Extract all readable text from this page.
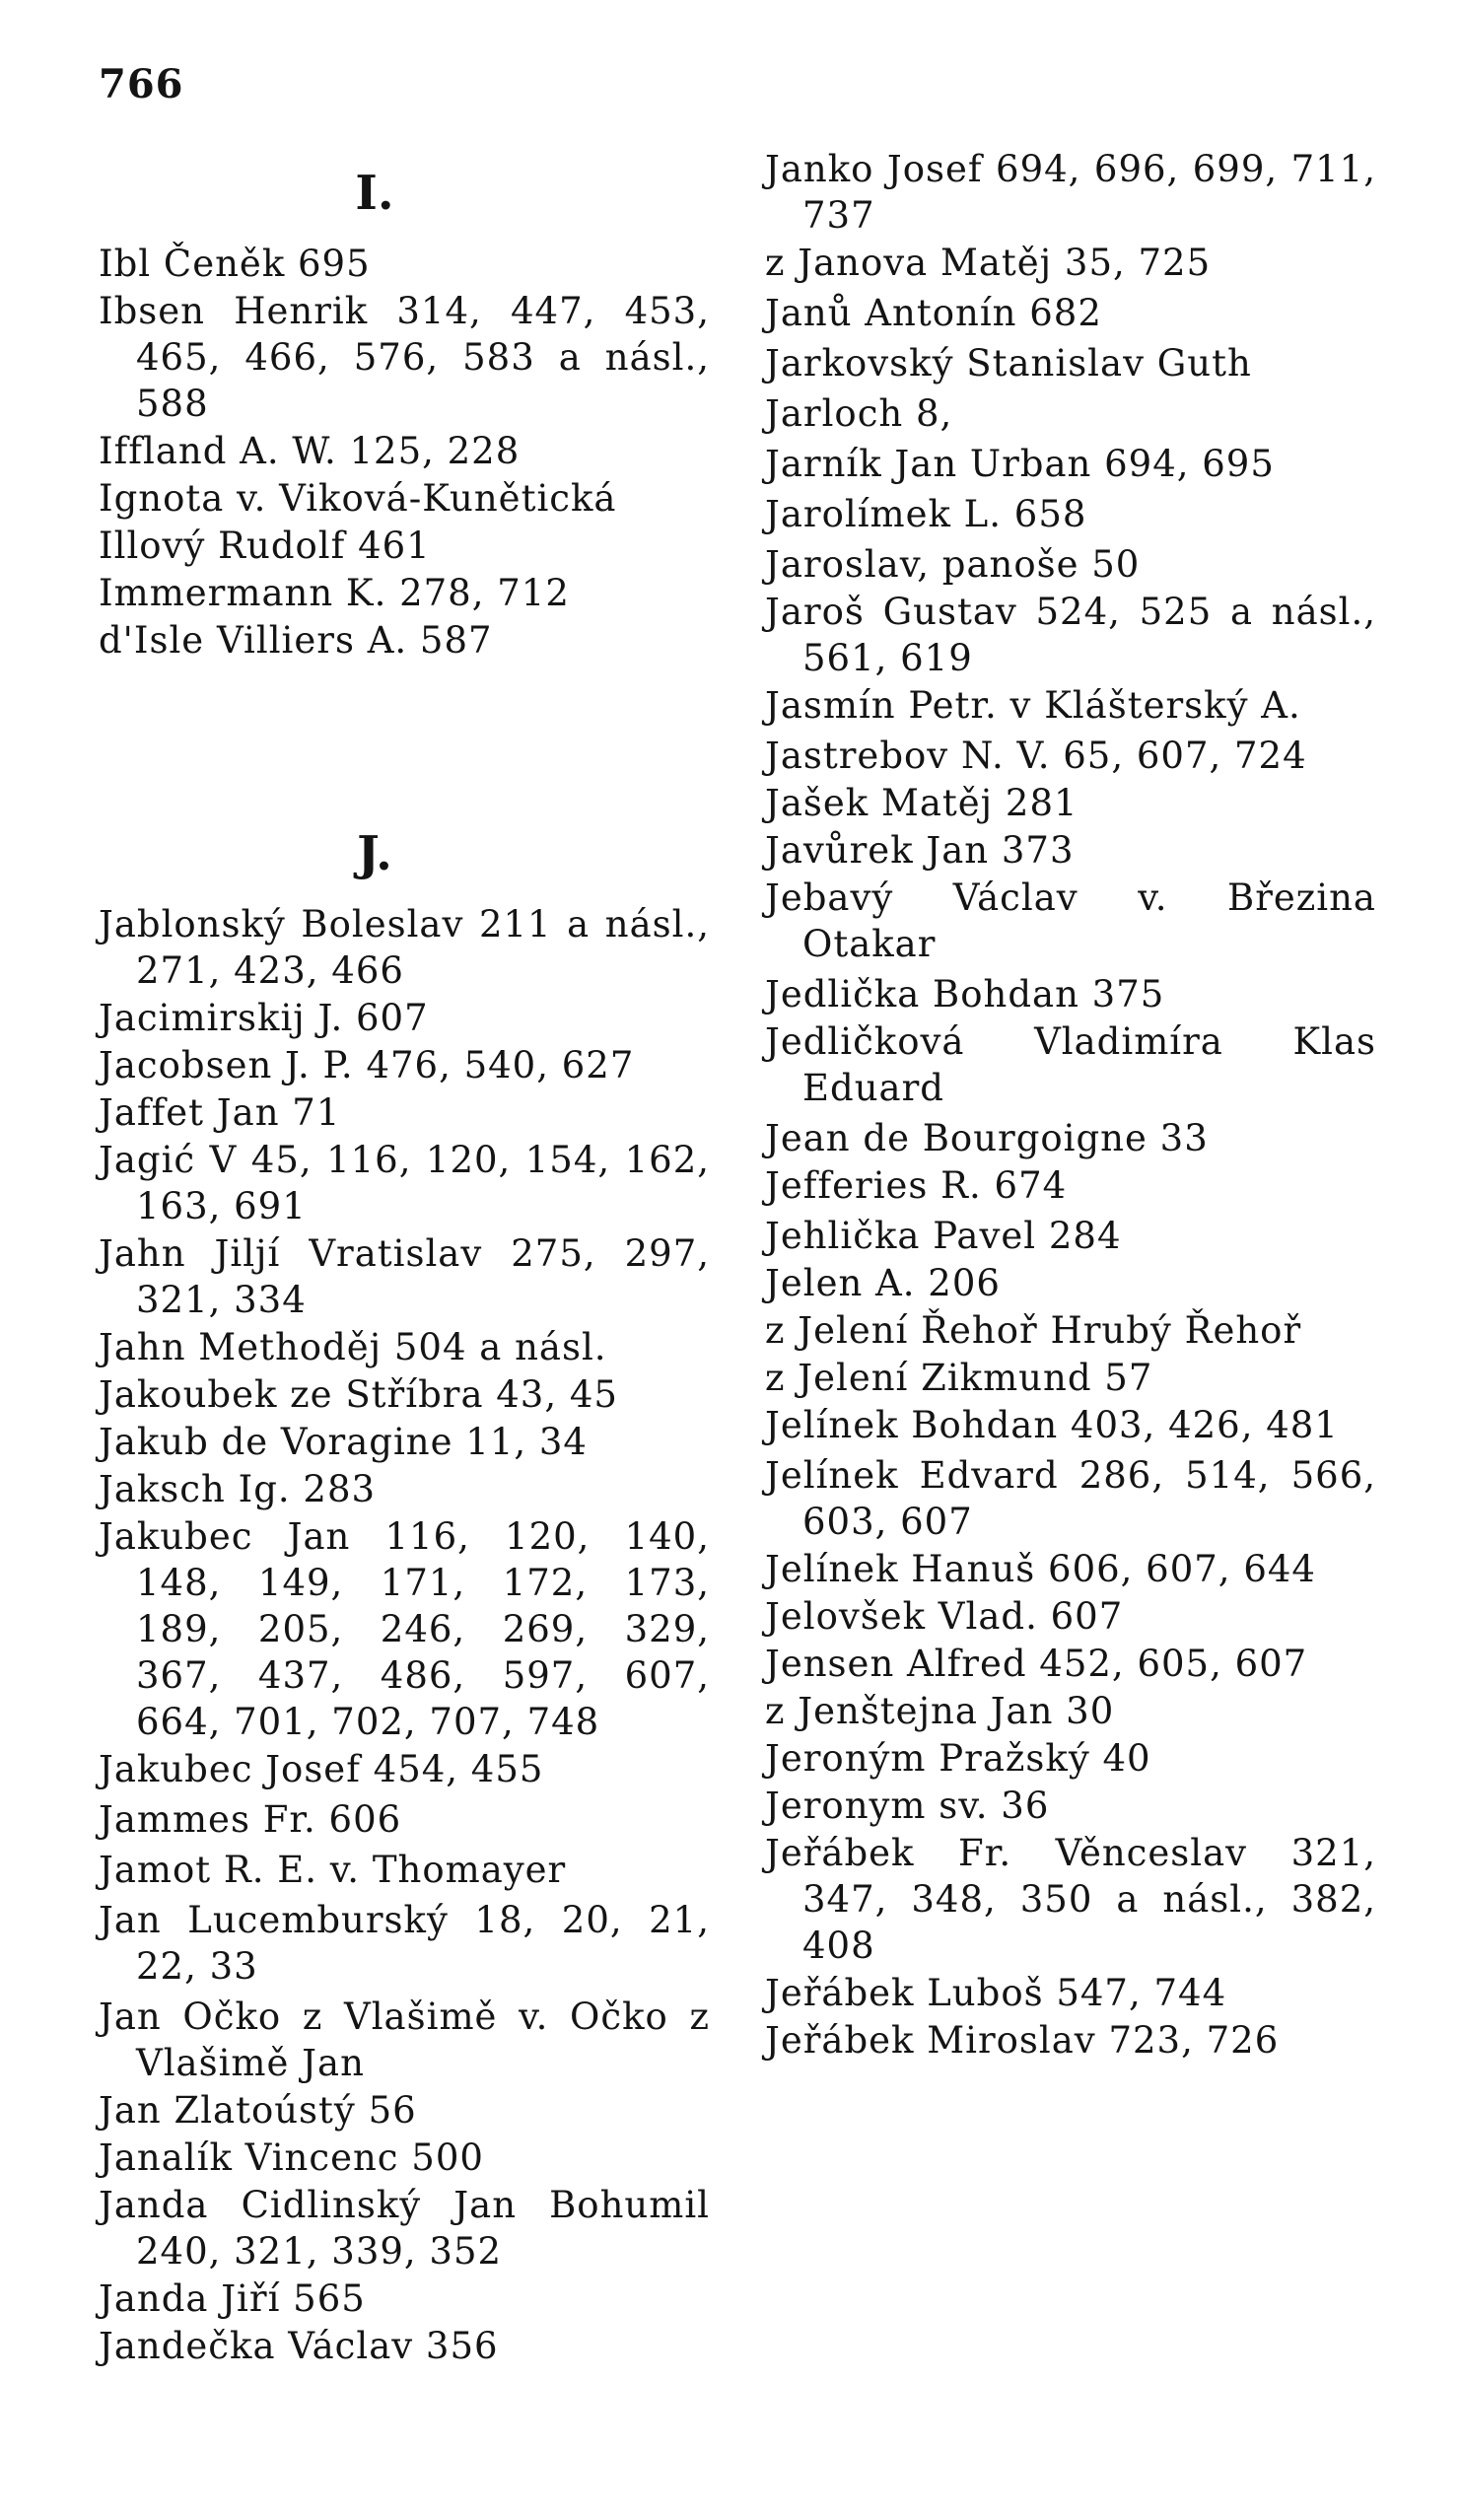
766
I.
Ibl Čeněk 695
Ibsen Henrik 314, 447, 453, 465, 466, 576, 583 a násl., 588
Iffland A. W. 125, 228
Ignota v. Viková-Kunětická
Illový Rudolf 461
Immermann K. 278, 712
d'Isle Villiers A. 587
J.
Jablonský Boleslav 211 a násl., 271, 423, 466
Jacimirskij J. 607
Jacobsen J. P. 476, 540, 627
Jaffet Jan 71
Jagić V 45, 116, 120, 154, 162, 163, 691
Jahn Jiljí Vratislav 275, 297, 321, 334
Jahn Methoděj 504 a násl.
Jakoubek ze Stříbra 43, 45
Jakub de Voragine 11, 34
Jaksch Ig. 283
Jakubec Jan 116, 120, 140, 148, 149, 171, 172, 173, 189, 205, 246, 269, 329, 367, 437, 486, 597, 607, 664, 701, 702, 707, 748
Jakubec Josef 454, 455
Jammes Fr. 606
Jamot R. E. v. Thomayer
Jan Lucemburský 18, 20, 21, 22, 33
Jan Očko z Vlašimě v. Očko z Vlašimě Jan
Jan Zlatoústý 56
Janalík Vincenc 500
Janda Cidlinský Jan Bohumil 240, 321, 339, 352
Janda Jiří 565
Jandečka Václav 356
Janko Josef 694, 696, 699, 711, 737
z Janova Matěj 35, 725
Janů Antonín 682
Jarkovský Stanislav Guth
Jarloch 8,
Jarník Jan Urban 694, 695
Jarolímek L. 658
Jaroslav, panoše 50
Jaroš Gustav 524, 525 a násl., 561, 619
Jasmín Petr. v Klášterský A.
Jastrebov N. V. 65, 607, 724
Jašek Matěj 281
Javůrek Jan 373
Jebavý Václav v. Březina Otakar
Jedlička Bohdan 375
Jedličková Vladimíra Klas Eduard
Jean de Bourgoigne 33
Jefferies R. 674
Jehlička Pavel 284
Jelen A. 206
z Jelení Řehoř Hrubý Řehoř
z Jelení Zikmund 57
Jelínek Bohdan 403, 426, 481
Jelínek Edvard 286, 514, 566, 603, 607
Jelínek Hanuš 606, 607, 644
Jelovšek Vlad. 607
Jensen Alfred 452, 605, 607
z Jenštejna Jan 30
Jeroným Pražský 40
Jeronym sv. 36
Jeřábek Fr. Věnceslav 321, 347, 348, 350 a násl., 382, 408
Jeřábek Luboš 547, 744
Jeřábek Miroslav 723, 726
